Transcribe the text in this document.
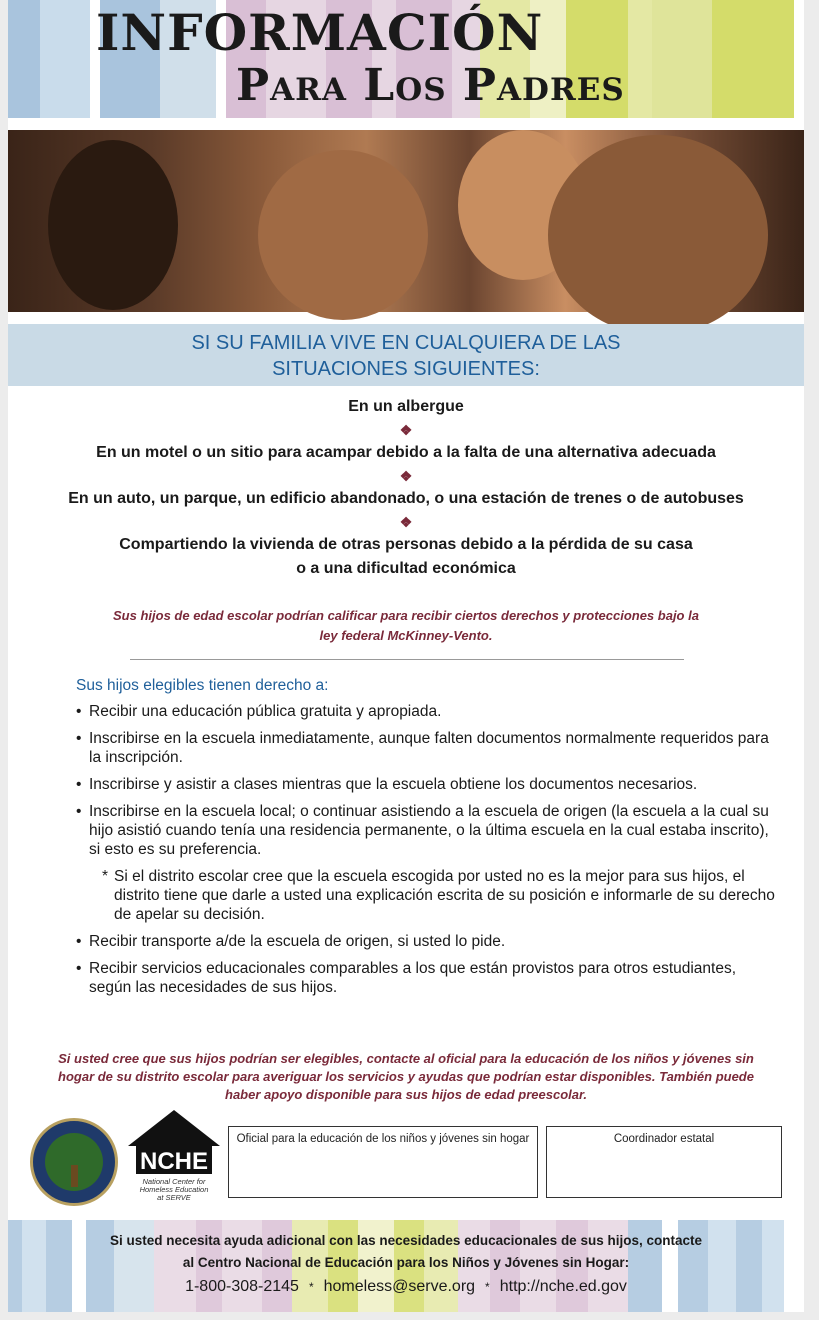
INFORMACIÓN
Para Los Padres
SI SU FAMILIA VIVE EN CUALQUIERA DE LAS
SITUACIONES SIGUIENTES:
En un albergue
❖
En un motel o un sitio para acampar debido a la falta de una alternativa adecuada
❖
En un auto, un parque, un edificio abandonado, o una estación de trenes o de autobuses
❖
Compartiendo la vivienda de otras personas debido a la pérdida de su casa
o a una dificultad económica
Sus hijos de edad escolar podrían calificar para recibir ciertos derechos y protecciones bajo la
ley federal McKinney-Vento.
Sus hijos elegibles tienen derecho a:
• Recibir una educación pública gratuita y apropiada.
• Inscribirse en la escuela inmediatamente, aunque falten documentos normalmente requeridos para la inscripción.
• Inscribirse y asistir a clases mientras que la escuela obtiene los documentos necesarios.
• Inscribirse en la escuela local; o continuar asistiendo a la escuela de origen (la escuela a la cual su hijo asistió cuando tenía una residencia permanente, o la última escuela en la cual estaba inscrito), si esto es su preferencia.
* Si el distrito escolar cree que la escuela escogida por usted no es la mejor para sus hijos, el distrito tiene que darle a usted una explicación escrita de su posición e informarle de su derecho de apelar su decisión.
• Recibir transporte a/de la escuela de origen, si usted lo pide.
• Recibir servicios educacionales comparables a los que están provistos para otros estudiantes, según las necesidades de sus hijos.
Si usted cree que sus hijos podrían ser elegibles, contacte al oficial para la educación de los niños y jóvenes sin
hogar de su distrito escolar para averiguar los servicios y ayudas que podrían estar disponibles. También puede
haber apoyo disponible para sus hijos de edad preescolar.
NCHE
National Center for
Homeless Education
at SERVE
Oficial para la educación de los niños y jóvenes sin hogar	Coordinador estatal
Si usted necesita ayuda adicional con las necesidades educacionales de sus hijos, contacte
al Centro Nacional de Educación para los Niños y Jóvenes sin Hogar:
1-800-308-2145 * homeless@serve.org * http://nche.ed.gov
